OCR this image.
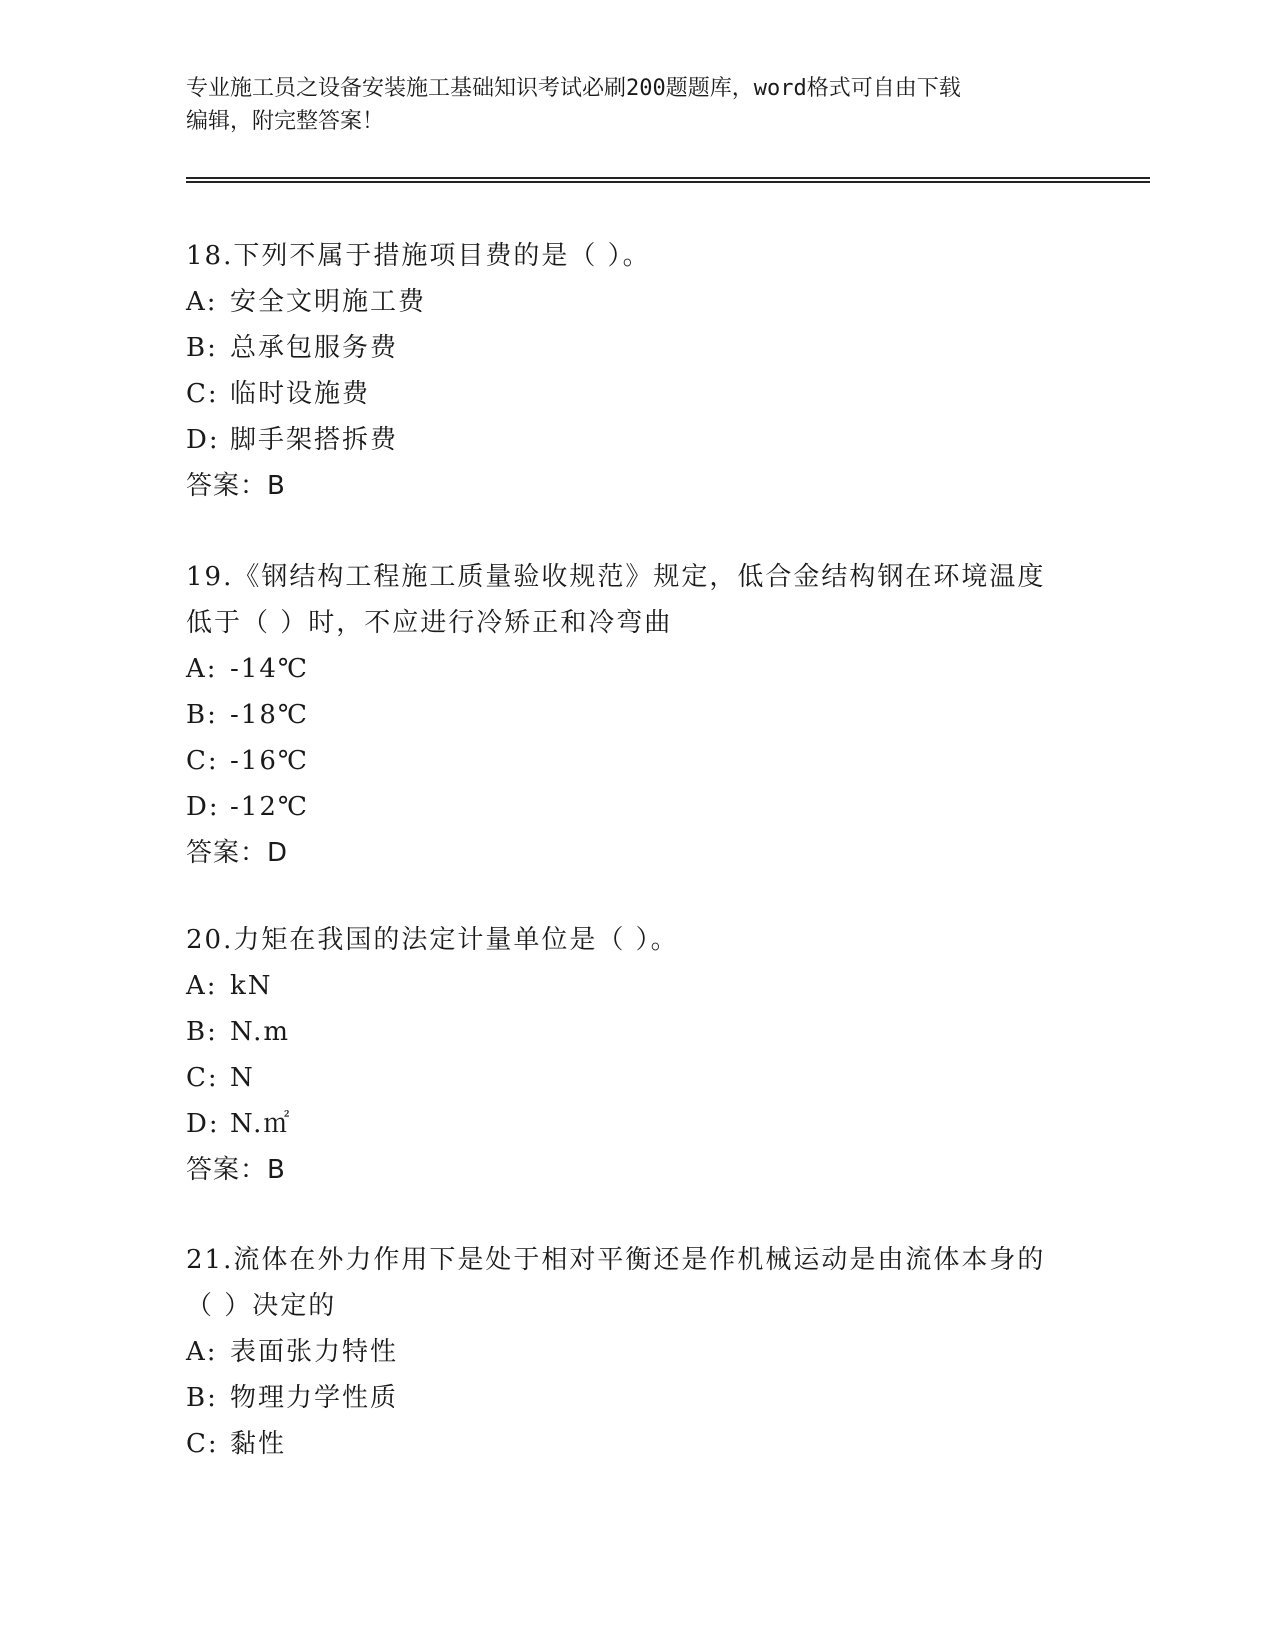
专业施工员之设备安装施工基础知识考试必刷200题题库，word格式可自由下载
编辑，附完整答案！

18.下列不属于措施项目费的是（ ）。

A: 安全文明施工费

B: 总承包服务费

C: 临时设施费

D: 脚手架搭拆费

答案：B

19.《钢结构工程施工质量验收规范》规定，低合金结构钢在环境温度

低于（ ）时，不应进行冷矫正和冷弯曲

A: -14℃

B: -18℃

C: -16℃

D: -12℃

答案：D

20.力矩在我国的法定计量单位是（ ）。

A: kN

B: N.m

C: N

D: N.㎡

答案：B

21.流体在外力作用下是处于相对平衡还是作机械运动是由流体本身的

（ ）决定的

A: 表面张力特性

B: 物理力学性质

C: 黏性
